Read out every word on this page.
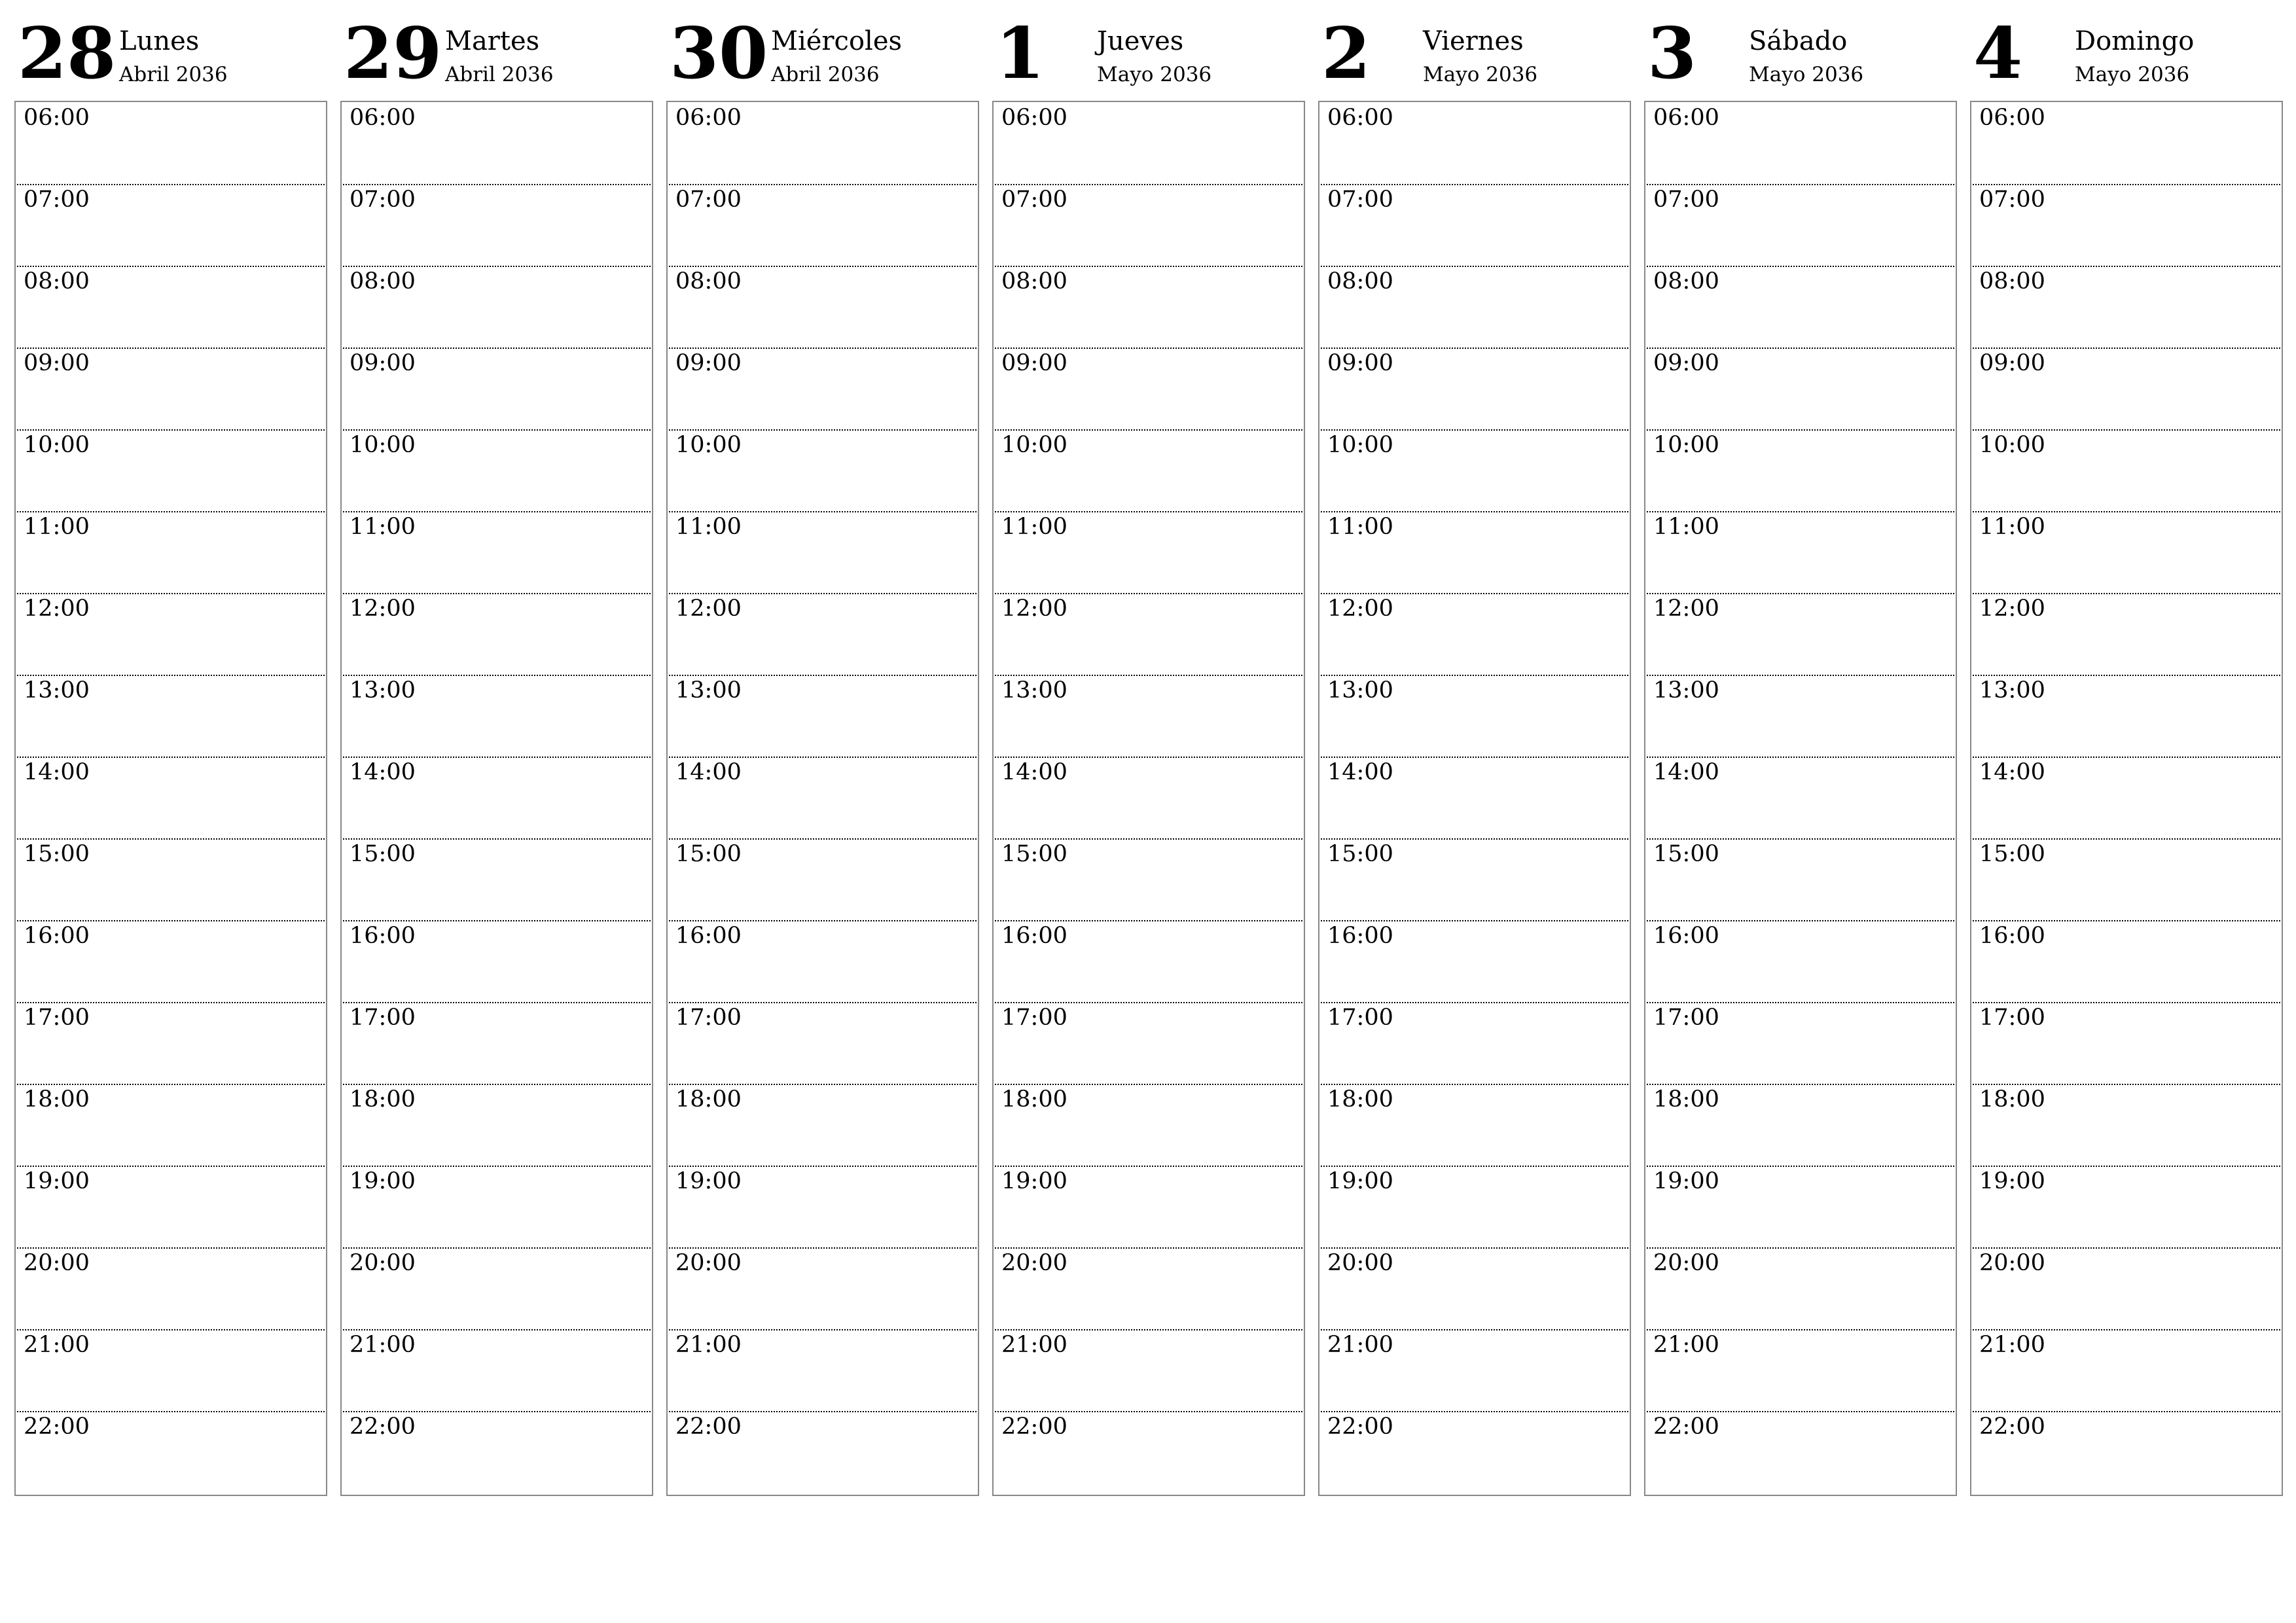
28 Lunes
Abril 2036
06:00
07:00
08:00
09:00
10:00
11:00
12:00
13:00
14:00
15:00
16:00
17:00
18:00
19:00
20:00
21:00
22:00
29 Martes
Abril 2036
06:00
07:00
08:00
09:00
10:00
11:00
12:00
13:00
14:00
15:00
16:00
17:00
18:00
19:00
20:00
21:00
22:00
30 Miércoles
Abril 2036
06:00
07:00
08:00
09:00
10:00
11:00
12:00
13:00
14:00
15:00
16:00
17:00
18:00
19:00
20:00
21:00
22:00
1 Jueves
Mayo 2036
06:00
07:00
08:00
09:00
10:00
11:00
12:00
13:00
14:00
15:00
16:00
17:00
18:00
19:00
20:00
21:00
22:00
2 Viernes
Mayo 2036
06:00
07:00
08:00
09:00
10:00
11:00
12:00
13:00
14:00
15:00
16:00
17:00
18:00
19:00
20:00
21:00
22:00
3 Sábado
Mayo 2036
06:00
07:00
08:00
09:00
10:00
11:00
12:00
13:00
14:00
15:00
16:00
17:00
18:00
19:00
20:00
21:00
22:00
4 Domingo
Mayo 2036
06:00
07:00
08:00
09:00
10:00
11:00
12:00
13:00
14:00
15:00
16:00
17:00
18:00
19:00
20:00
21:00
22:00
